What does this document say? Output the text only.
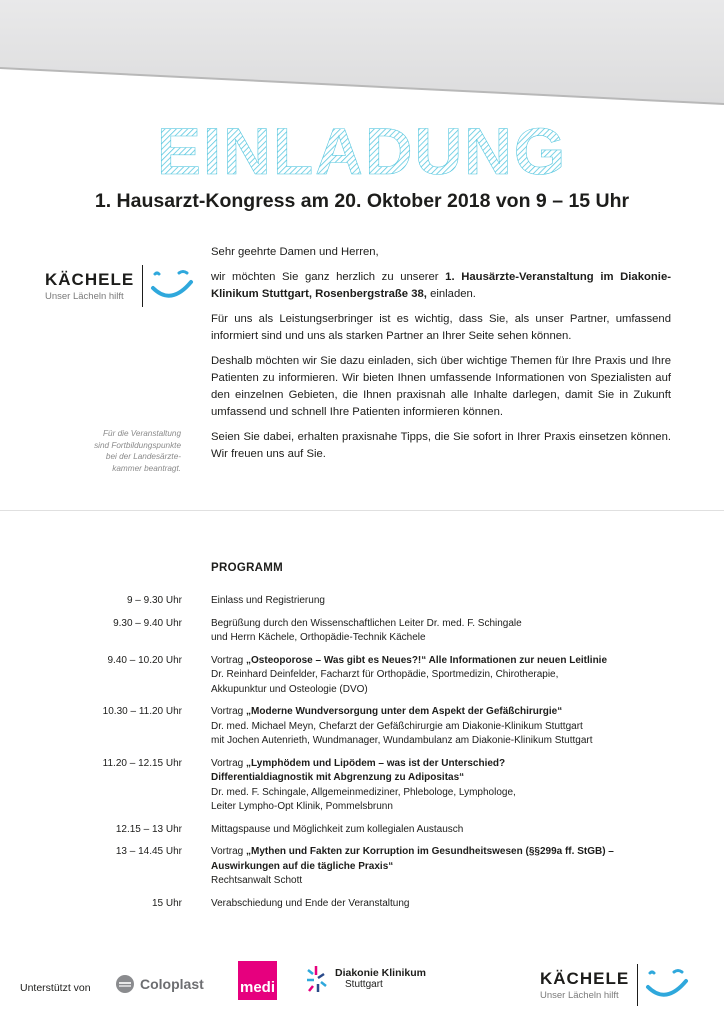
EINLADUNG
1. Hausarzt-Kongress am 20. Oktober 2018 von 9 – 15 Uhr
KÄCHELE
Unser Lächeln hilft
Für die Veranstaltung
sind Fortbildungspunkte
bei der Landesärzte-
kammer beantragt.

Sehr geehrte Damen und Herren,

wir möchten Sie ganz herzlich zu unserer 1. Hausärzte-Veranstaltung im Diakonie-Klinikum Stuttgart, Rosenbergstraße 38, einladen.

Für uns als Leistungserbringer ist es wichtig, dass Sie, als unser Partner, umfassend informiert sind und uns als starken Partner an Ihrer Seite sehen können.

Deshalb möchten wir Sie dazu einladen, sich über wichtige Themen für Ihre Praxis und Ihre Patienten zu informieren. Wir bieten Ihnen umfassende Informationen von Spezialisten auf den einzelnen Gebieten, die Ihnen praxisnah alle Inhalte darlegen, damit Sie in Zukunft umfassend und schnell Ihre Patienten informieren können.

Seien Sie dabei, erhalten praxisnahe Tipps, die Sie sofort in Ihrer Praxis einsetzen können. Wir freuen uns auf Sie.

PROGRAMM
9 – 9.30 Uhr	Einlass und Registrierung
9.30 – 9.40 Uhr	Begrüßung durch den Wissenschaftlichen Leiter Dr. med. F. Schingale
und Herrn Kächele, Orthopädie-Technik Kächele
9.40 – 10.20 Uhr	Vortrag „Osteoporose – Was gibt es Neues?!“ Alle Informationen zur neuen Leitlinie
Dr. Reinhard Deinfelder, Facharzt für Orthopädie, Sportmedizin, Chirotherapie,
Akkupunktur und Osteologie (DVO)
10.30 – 11.20 Uhr	Vortrag „Moderne Wundversorgung unter dem Aspekt der Gefäßchirurgie“
Dr. med. Michael Meyn, Chefarzt der Gefäßchirurgie am Diakonie-Klinikum Stuttgart
mit Jochen Autenrieth, Wundmanager, Wundambulanz am Diakonie-Klinikum Stuttgart
11.20 – 12.15 Uhr	Vortrag „Lymphödem und Lipödem – was ist der Unterschied?
Differentialdiagnostik mit Abgrenzung zu Adipositas“
Dr. med. F. Schingale, Allgemeinmediziner, Phlebologe, Lymphologe,
Leiter Lympho-Opt Klinik, Pommelsbrunn
12.15 – 13 Uhr	Mittagspause und Möglichkeit zum kollegialen Austausch
13 – 14.45 Uhr	Vortrag „Mythen und Fakten zur Korruption im Gesundheitswesen (§§299a ff. StGB) –
Auswirkungen auf die tägliche Praxis“
Rechtsanwalt Schott
15 Uhr	Verabschiedung und Ende der Veranstaltung
Unterstützt von	Coloplast medi
Diakonie Klinikum
Stuttgart	KÄCHELE
Unser Lächeln hilft
